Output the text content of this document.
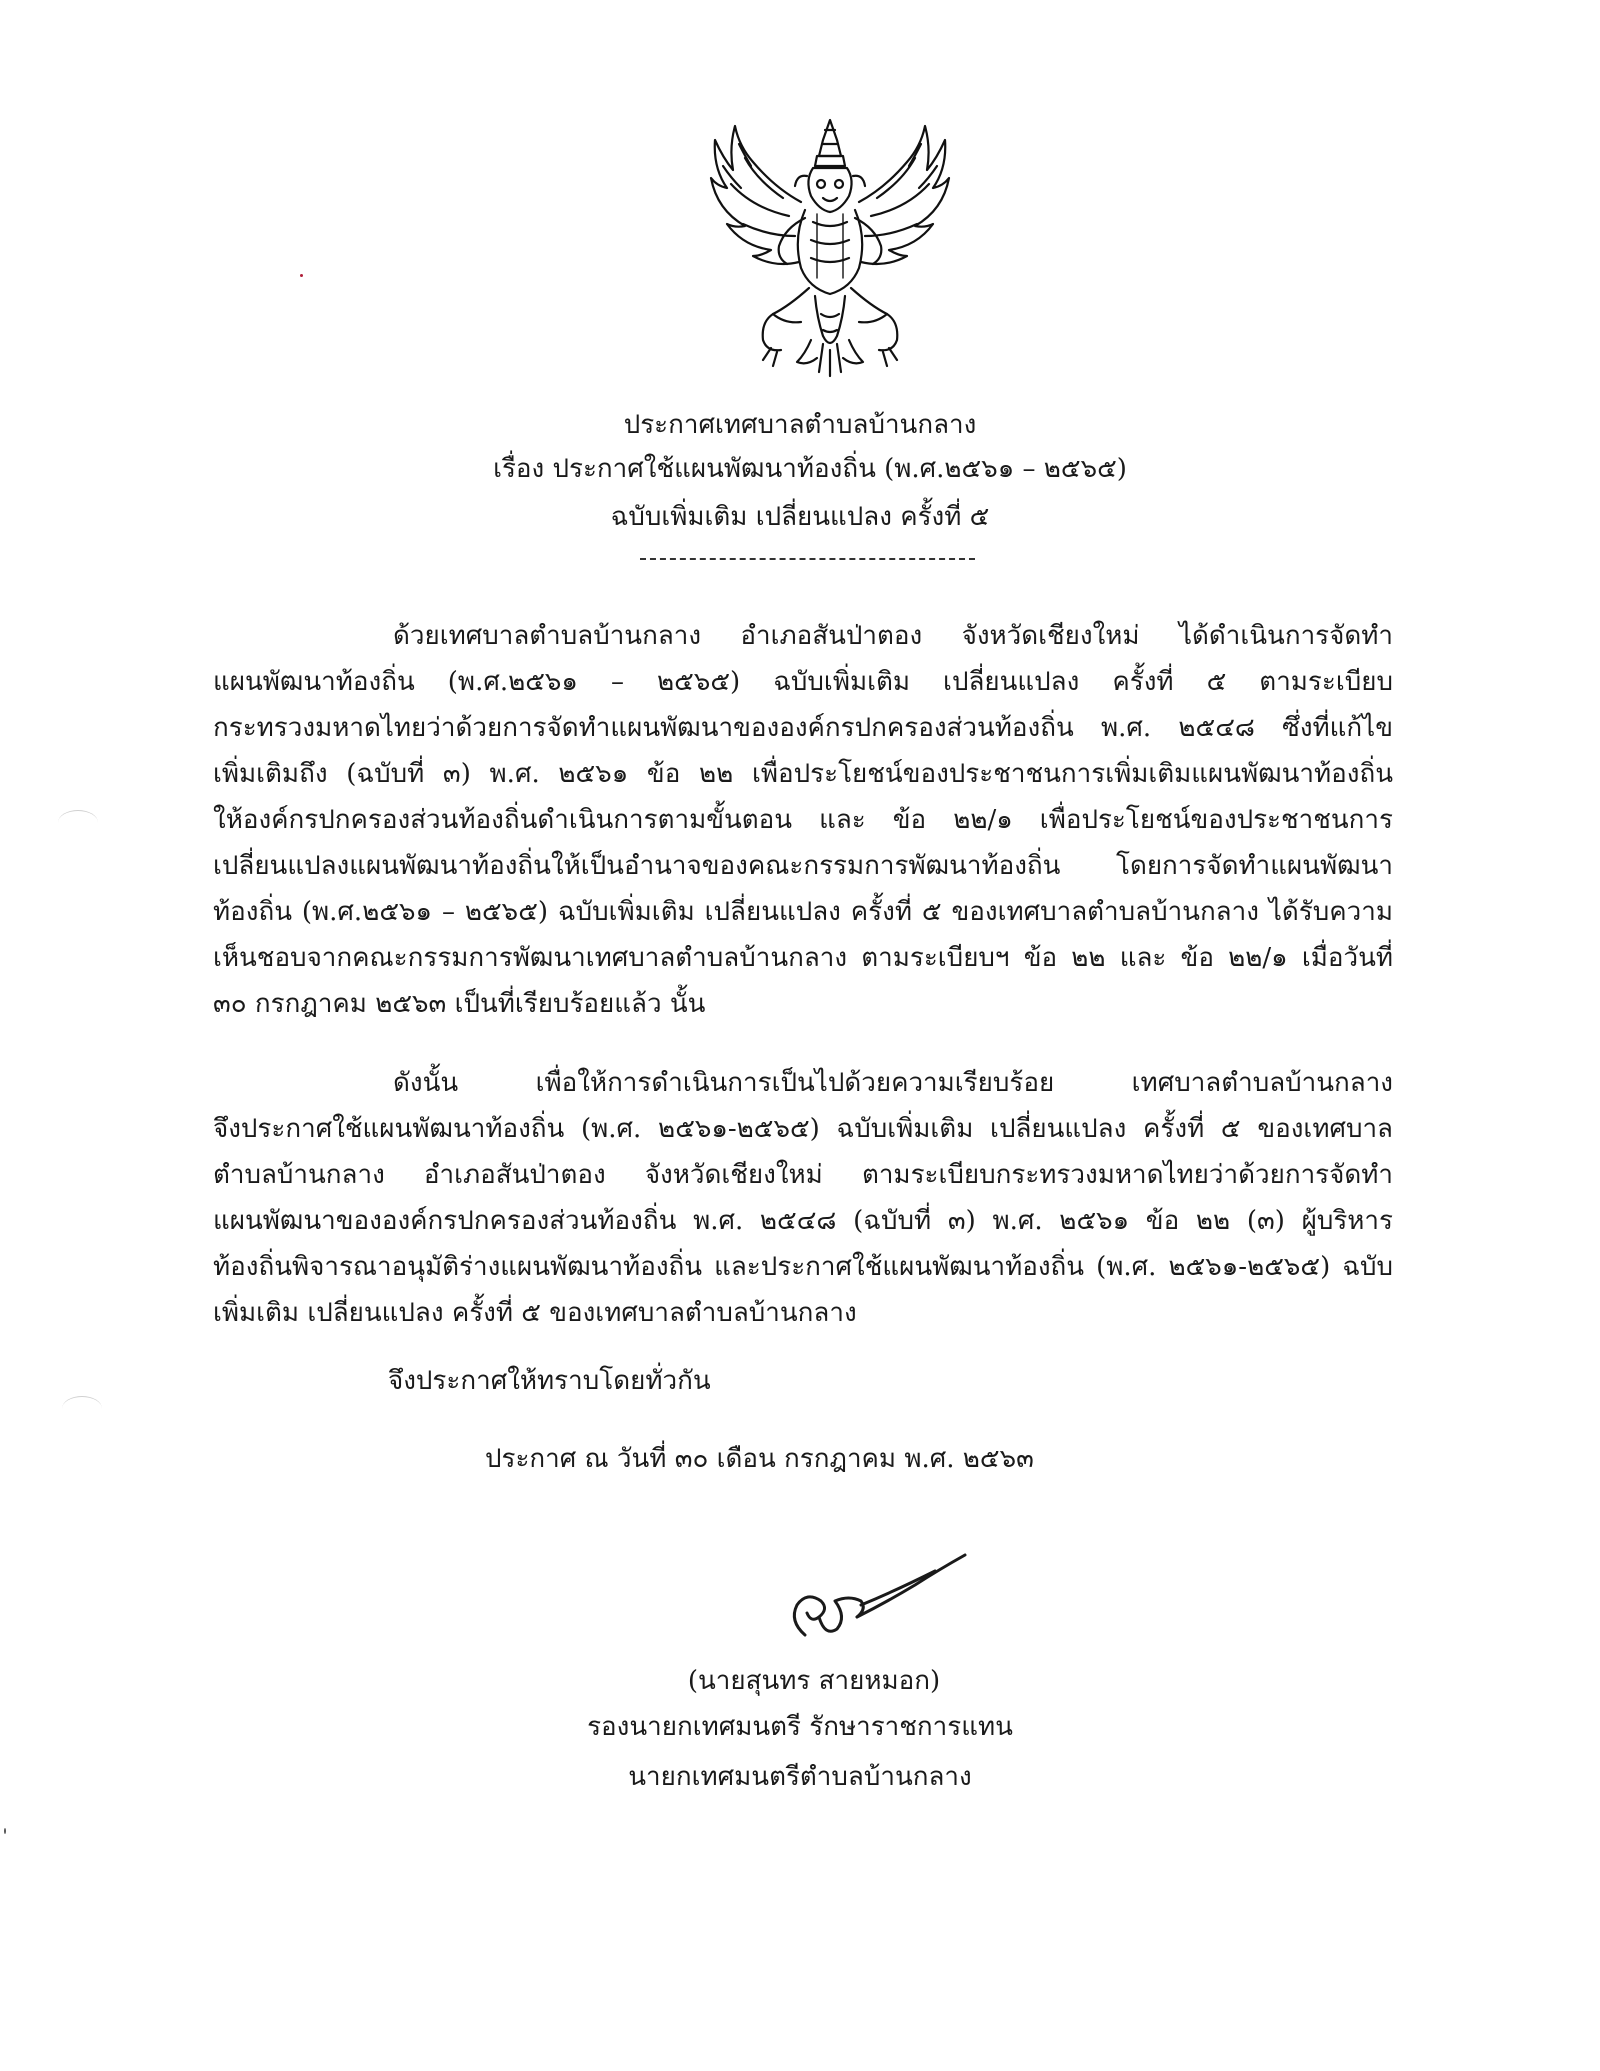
ประกาศเทศบาลตำบลบ้านกลาง
เรื่อง ประกาศใช้แผนพัฒนาท้องถิ่น (พ.ศ.๒๕๖๑ – ๒๕๖๕)
ฉบับเพิ่มเติม เปลี่ยนแปลง ครั้งที่ ๕
ด้วยเทศบาลตำบลบ้านกลาง อำเภอสันป่าตอง จังหวัดเชียงใหม่ ได้ดำเนินการจัดทำ
แผนพัฒนาท้องถิ่น (พ.ศ.๒๕๖๑ – ๒๕๖๕) ฉบับเพิ่มเติม เปลี่ยนแปลง ครั้งที่ ๕ ตามระเบียบ
กระทรวงมหาดไทยว่าด้วยการจัดทำแผนพัฒนาขององค์กรปกครองส่วนท้องถิ่น พ.ศ. ๒๕๔๘ ซึ่งที่แก้ไข
เพิ่มเติมถึง (ฉบับที่ ๓) พ.ศ. ๒๕๖๑ ข้อ ๒๒ เพื่อประโยชน์ของประชาชนการเพิ่มเติมแผนพัฒนาท้องถิ่น
ให้องค์กรปกครองส่วนท้องถิ่นดำเนินการตามขั้นตอน และ ข้อ ๒๒/๑ เพื่อประโยชน์ของประชาชนการ
เปลี่ยนแปลงแผนพัฒนาท้องถิ่นให้เป็นอำนาจของคณะกรรมการพัฒนาท้องถิ่น โดยการจัดทำแผนพัฒนา
ท้องถิ่น (พ.ศ.๒๕๖๑ – ๒๕๖๕) ฉบับเพิ่มเติม เปลี่ยนแปลง ครั้งที่ ๕ ของเทศบาลตำบลบ้านกลาง ได้รับความ
เห็นชอบจากคณะกรรมการพัฒนาเทศบาลตำบลบ้านกลาง ตามระเบียบฯ ข้อ ๒๒ และ ข้อ ๒๒/๑ เมื่อวันที่
๓๐ กรกฎาคม ๒๕๖๓ เป็นที่เรียบร้อยแล้ว นั้น
ดังนั้น เพื่อให้การดำเนินการเป็นไปด้วยความเรียบร้อย เทศบาลตำบลบ้านกลาง
จึงประกาศใช้แผนพัฒนาท้องถิ่น (พ.ศ. ๒๕๖๑-๒๕๖๕) ฉบับเพิ่มเติม เปลี่ยนแปลง ครั้งที่ ๕ ของเทศบาล
ตำบลบ้านกลาง อำเภอสันป่าตอง จังหวัดเชียงใหม่ ตามระเบียบกระทรวงมหาดไทยว่าด้วยการจัดทำ
แผนพัฒนาขององค์กรปกครองส่วนท้องถิ่น พ.ศ. ๒๕๔๘ (ฉบับที่ ๓) พ.ศ. ๒๕๖๑ ข้อ ๒๒ (๓) ผู้บริหาร
ท้องถิ่นพิจารณาอนุมัติร่างแผนพัฒนาท้องถิ่น และประกาศใช้แผนพัฒนาท้องถิ่น (พ.ศ. ๒๕๖๑-๒๕๖๕) ฉบับ
เพิ่มเติม เปลี่ยนแปลง ครั้งที่ ๕ ของเทศบาลตำบลบ้านกลาง
จึงประกาศให้ทราบโดยทั่วกัน
ประกาศ ณ วันที่ ๓๐ เดือน กรกฎาคม พ.ศ. ๒๕๖๓
(นายสุนทร สายหมอก)
รองนายกเทศมนตรี รักษาราชการแทน
นายกเทศมนตรีตำบลบ้านกลาง
